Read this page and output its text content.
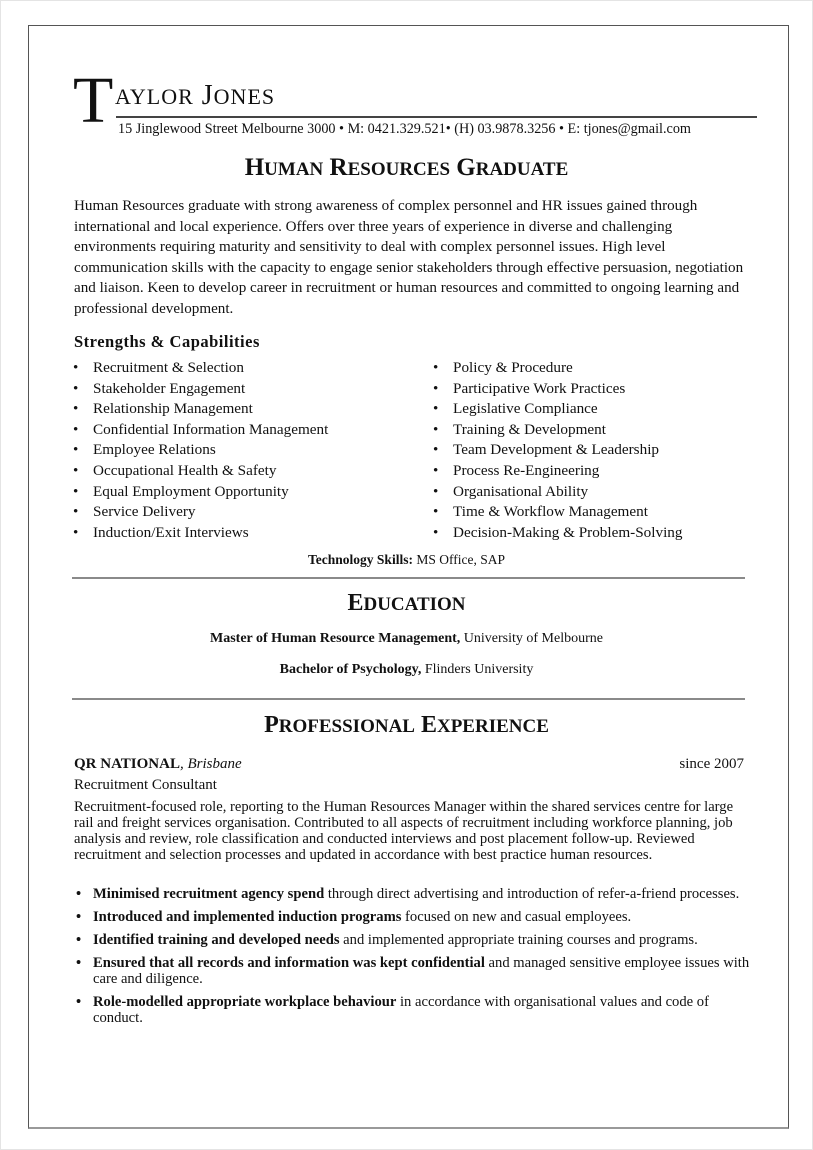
T AYLOR JONES
15 Jinglewood Street Melbourne 3000 • M: 0421.329.521• (H) 03.9878.3256 • E: tjones@gmail.com
HUMAN RESOURCES GRADUATE
Human Resources graduate with strong awareness of complex personnel and HR issues gained through international and local experience. Offers over three years of experience in diverse and challenging environments requiring maturity and sensitivity to deal with complex personnel issues. High level communication skills with the capacity to engage senior stakeholders through effective persuasion, negotiation and liaison. Keen to develop career in recruitment or human resources and committed to ongoing learning and professional development.
Strengths & Capabilities
• Recruitment & Selection
• Stakeholder Engagement
• Relationship Management
• Confidential Information Management
• Employee Relations
• Occupational Health & Safety
• Equal Employment Opportunity
• Service Delivery
• Induction/Exit Interviews
• Policy & Procedure
• Participative Work Practices
• Legislative Compliance
• Training & Development
• Team Development & Leadership
• Process Re-Engineering
• Organisational Ability
• Time & Workflow Management
• Decision-Making & Problem-Solving
Technology Skills: MS Office, SAP
EDUCATION
Master of Human Resource Management, University of Melbourne
Bachelor of Psychology, Flinders University
PROFESSIONAL EXPERIENCE
QR NATIONAL, Brisbane	since 2007
Recruitment Consultant
Recruitment-focused role, reporting to the Human Resources Manager within the shared services centre for large rail and freight services organisation. Contributed to all aspects of recruitment including workforce planning, job analysis and review, role classification and conducted interviews and post placement follow-up. Reviewed recruitment and selection processes and updated in accordance with best practice human resources.
• Minimised recruitment agency spend through direct advertising and introduction of refer-a-friend processes.
• Introduced and implemented induction programs focused on new and casual employees.
• Identified training and developed needs and implemented appropriate training courses and programs.
• Ensured that all records and information was kept confidential and managed sensitive employee issues with care and diligence.
• Role-modelled appropriate workplace behaviour in accordance with organisational values and code of conduct.
